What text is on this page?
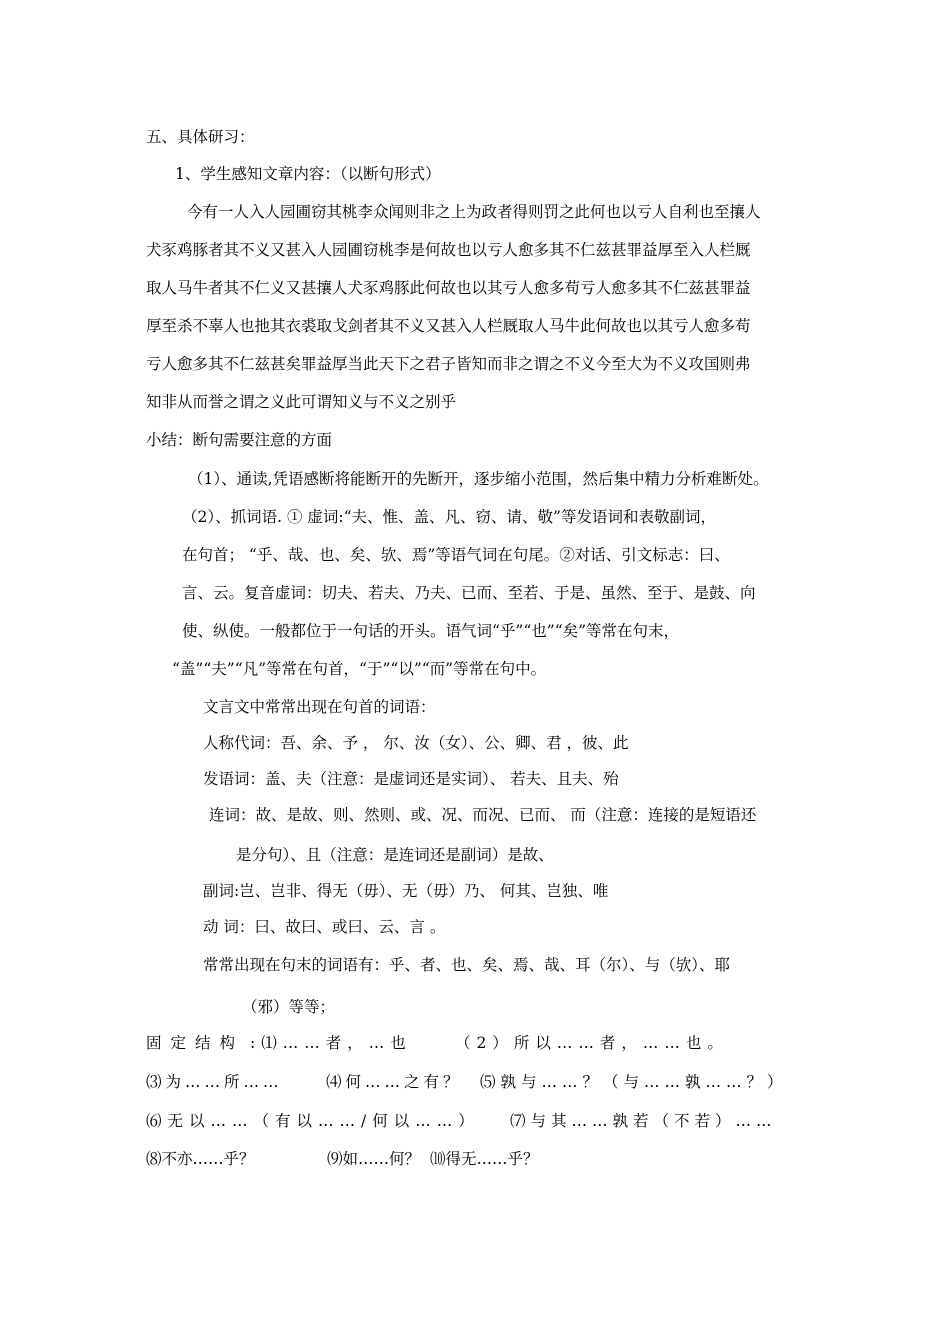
五、具体研习：
1、学生感知文章内容：（以断句形式）
今有一人入人园圃窃其桃李众闻则非之上为政者得则罚之此何也以亏人自利也至攘人
犬豕鸡豚者其不义又甚入人园圃窃桃李是何故也以亏人愈多其不仁兹甚罪益厚至入人栏厩
取人马牛者其不仁义又甚攘人犬豕鸡豚此何故也以其亏人愈多苟亏人愈多其不仁兹甚罪益
厚至杀不辜人也扡其衣裘取戈剑者其不义又甚入人栏厩取人马牛此何故也以其亏人愈多苟
亏人愈多其不仁兹甚矣罪益厚当此天下之君子皆知而非之谓之不义今至大为不义攻国则弗
知非从而誉之谓之义此可谓知义与不义之别乎
小结：断句需要注意的方面
（1）、通读,凭语感断将能断开的先断开，逐步缩小范围，然后集中精力分析难断处。
（2）、抓词语. ① 虚词:“夫、惟、盖、凡、窃、请、敬”等发语词和表敬副词，
在句首； “乎、哉、也、矣、欤、焉”等语气词在句尾。②对话、引文标志：曰、
言、云。复音虚词：切夫、若夫、乃夫、已而、至若、于是、虽然、至于、是鼓、向
使、纵使。一般都位于一句话的开头。语气词“乎”“也”“矣”等常在句末，
“盖”“夫”“凡”等常在句首，“于”“以”“而”等常在句中。
文言文中常常出现在句首的词语：
人称代词：吾、余、予 ， 尔、汝（女）、公、卿、君 ，彼、此
发语词：盖、夫（注意：是虚词还是实词）、 若夫、且夫、殆
连词：故、是故、则、然则、或、况、而况、已而、 而（注意：连接的是短语还
是分句）、且（注意：是连词还是副词）是故、
副词:岂、岂非、得无（毋）、无（毋）乃、 何其、岂独、唯
动 词：曰、故曰、或曰、云、言 。
常常出现在句末的词语有：乎、者、也、矣、焉、哉、耳（尔）、与（欤）、耶
（邪）等等；
固定结构 :⑴……者，…也	（2）所以……者，……也。
⑶为……所……	⑷何……之有？ ⑸孰与……？（与……孰……？）
⑹无以……（有以……/何以……） ⑺与其……孰若（不若）……
⑻不亦……乎？	⑼如……何？ ⑽得无……乎？
